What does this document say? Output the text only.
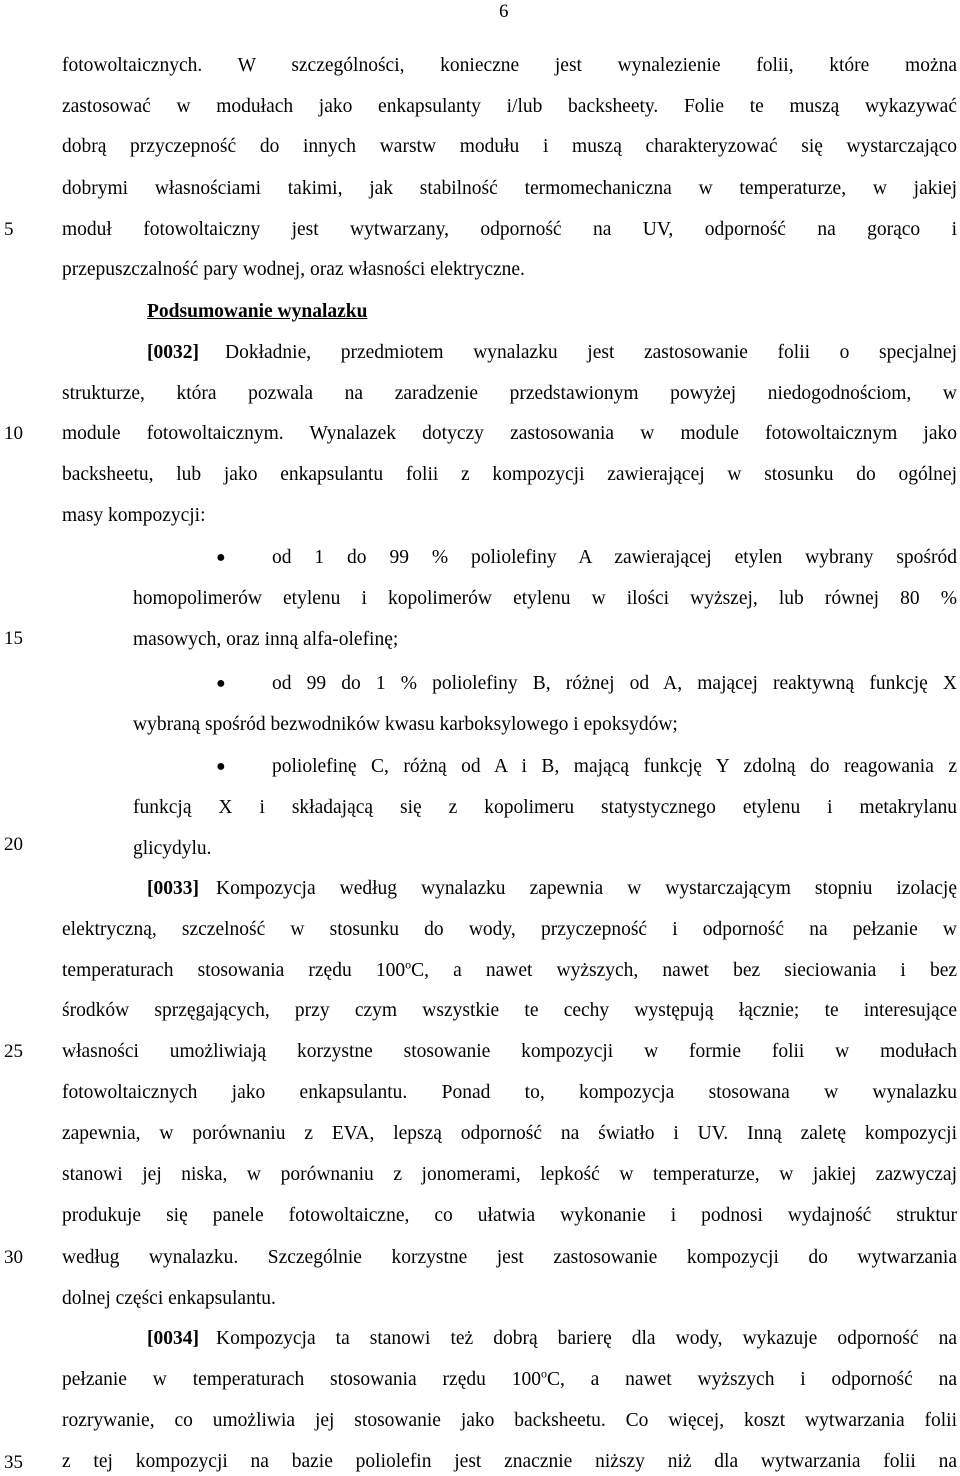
6
5
10
15
20
25
30
35
fotowoltaicznych. W szczególności, konieczne jest wynalezienie folii, które można
zastosować w modułach jako enkapsulanty i/lub backsheety. Folie te muszą wykazywać
dobrą przyczepność do innych warstw modułu i muszą charakteryzować się wystarczająco
dobrymi własnościami takimi, jak stabilność termomechaniczna w temperaturze, w jakiej
moduł fotowoltaiczny jest wytwarzany, odporność na UV, odporność na gorąco i
przepuszczalność pary wodnej, oraz własności elektryczne.
Podsumowanie wynalazku
[0032] Dokładnie, przedmiotem wynalazku jest zastosowanie folii o specjalnej
strukturze, która pozwala na zaradzenie przedstawionym powyżej niedogodnościom, w
module fotowoltaicznym. Wynalazek dotyczy zastosowania w module fotowoltaicznym jako
backsheetu, lub jako enkapsulantu folii z kompozycji zawierającej w stosunku do ogólnej
masy kompozycji:
● od 1 do 99 % poliolefiny A zawierającej etylen wybrany spośród
homopolimerów etylenu i kopolimerów etylenu w ilości wyższej, lub równej 80 %
masowych, oraz inną alfa-olefinę;
● od 99 do 1 % poliolefiny B, różnej od A, mającej reaktywną funkcję X
wybraną spośród bezwodników kwasu karboksylowego i epoksydów;
● poliolefinę C, różną od A i B, mającą funkcję Y zdolną do reagowania z
funkcją X i składającą się z kopolimeru statystycznego etylenu i metakrylanu
glicydylu.
[0033] Kompozycja według wynalazku zapewnia w wystarczającym stopniu izolację
elektryczną, szczelność w stosunku do wody, przyczepność i odporność na pełzanie w
temperaturach stosowania rzędu 100$^o$C, a nawet wyższych, nawet bez sieciowania i bez
środków sprzęgających, przy czym wszystkie te cechy występują łącznie; te interesujące
własności umożliwiają korzystne stosowanie kompozycji w formie folii w modułach
fotowoltaicznych jako enkapsulantu. Ponad to, kompozycja stosowana w wynalazku
zapewnia, w porównaniu z EVA, lepszą odporność na światło i UV. Inną zaletę kompozycji
stanowi jej niska, w porównaniu z jonomerami, lepkość w temperaturze, w jakiej zazwyczaj
produkuje się panele fotowoltaiczne, co ułatwia wykonanie i podnosi wydajność struktur
według wynalazku. Szczególnie korzystne jest zastosowanie kompozycji do wytwarzania
dolnej części enkapsulantu.
[0034] Kompozycja ta stanowi też dobrą barierę dla wody, wykazuje odporność na
pełzanie w temperaturach stosowania rzędu 100$^o$C, a nawet wyższych i odporność na
rozrywanie, co umożliwia jej stosowanie jako backsheetu. Co więcej, koszt wytwarzania folii
z tej kompozycji na bazie poliolefin jest znacznie niższy niż dla wytwarzania folii na
